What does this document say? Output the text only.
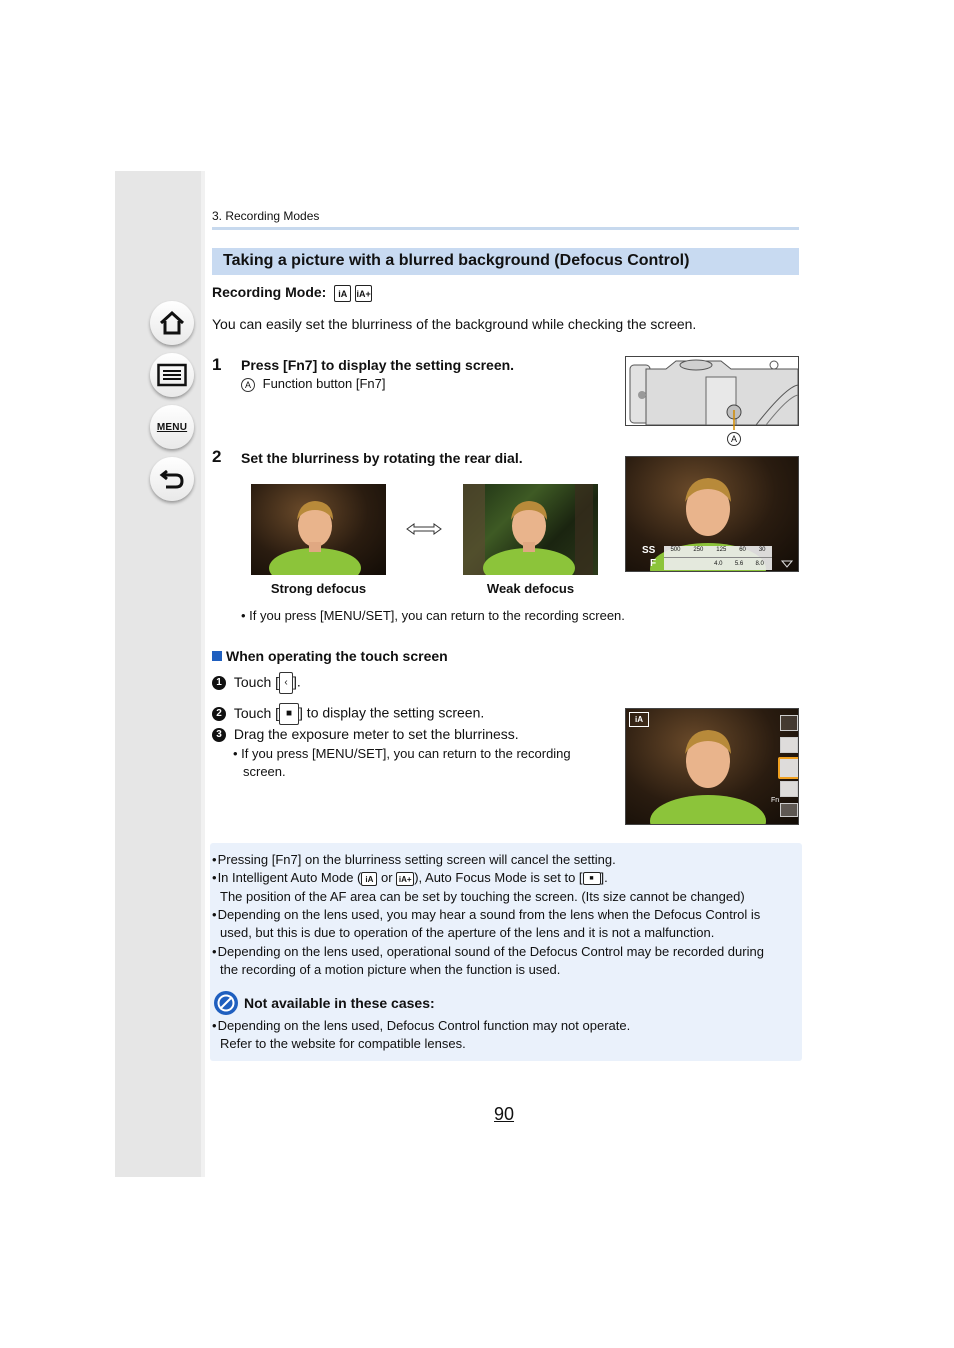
MENU
3. Recording Modes
Taking a picture with a blurred background (Defocus Control)
Recording Mode: iA iA+
You can easily set the blurriness of the background while checking the screen.
1 Press [Fn7] to display the setting screen.
A Function button [Fn7]
A
2 Set the blurriness by rotating the rear dial.
Strong defocus	Weak defocus
500 250 125 60 30
4.0 5.6 8.0
SS
F
• If you press [MENU/SET], you can return to the recording screen.
When operating the touch screen
1 Touch [ ‹ ].
2 Touch [ ■ ] to display the setting screen.
3 Drag the exposure meter to set the blurriness.
• If you press [MENU/SET], you can return to the recording
screen.
iA
Fn
•Pressing [Fn7] on the blurriness setting screen will cancel the setting.
•In Intelligent Auto Mode ( iA or iA+ ), Auto Focus Mode is set to [ ■ ].
The position of the AF area can be set by touching the screen. (Its size cannot be changed)
•Depending on the lens used, you may hear a sound from the lens when the Defocus Control is
used, but this is due to operation of the aperture of the lens and it is not a malfunction.
•Depending on the lens used, operational sound of the Defocus Control may be recorded during
the recording of a motion picture when the function is used.
Not available in these cases:
•Depending on the lens used, Defocus Control function may not operate.
Refer to the website for compatible lenses.
90
